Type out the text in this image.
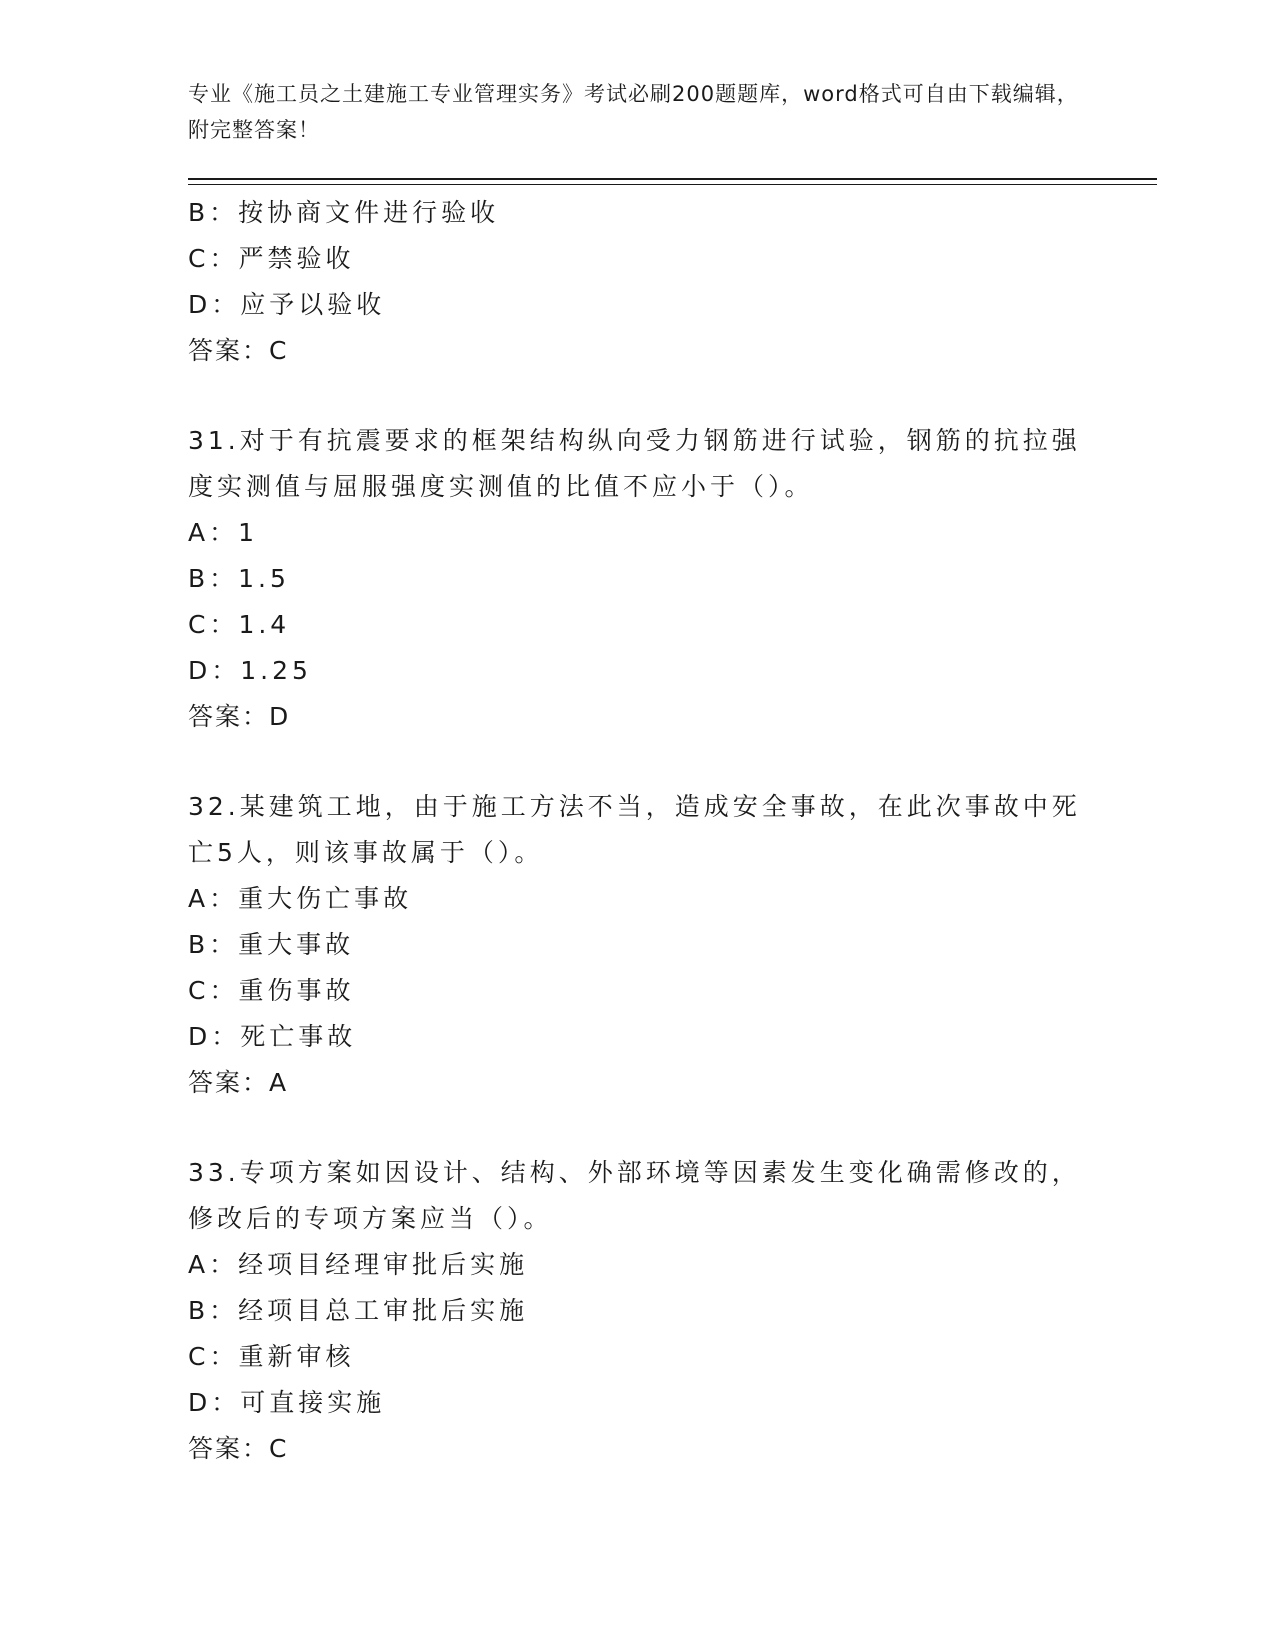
专业《施工员之土建施工专业管理实务》考试必刷200题题库，word格式可自由下载编辑，附完整答案！
B：按协商文件进行验收
C：严禁验收
D：应予以验收
答案：C
31.对于有抗震要求的框架结构纵向受力钢筋进行试验，钢筋的抗拉强度实测值与屈服强度实测值的比值不应小于（）。
A：1
B：1.5
C：1.4
D：1.25
答案：D
32.某建筑工地，由于施工方法不当，造成安全事故，在此次事故中死亡5人，则该事故属于（）。
A：重大伤亡事故
B：重大事故
C：重伤事故
D：死亡事故
答案：A
33.专项方案如因设计、结构、外部环境等因素发生变化确需修改的，修改后的专项方案应当（）。
A：经项目经理审批后实施
B：经项目总工审批后实施
C：重新审核
D：可直接实施
答案：C
